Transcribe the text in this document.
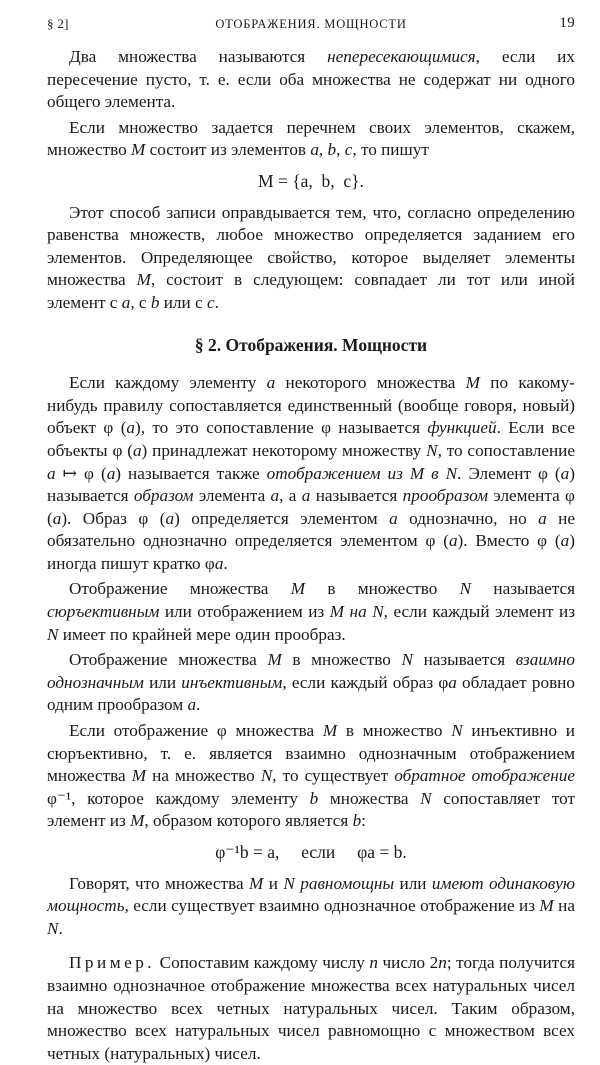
§ 2]	ОТОБРАЖЕНИЯ. МОЩНОСТИ	19

Два множества называются непересекающимися, если их пересечение пусто, т. е. если оба множества не содержат ни одного общего элемента.

Если множество задается перечнем своих элементов, скажем, множество M состоит из элементов a, b, c, то пишут

M = {a,  b,  c}.

Этот способ записи оправдывается тем, что, согласно определению равенства множеств, любое множество определяется заданием его элементов. Определяющее свойство, которое выделяет элементы множества M, состоит в следующем: совпадает ли тот или иной элемент с a, с b или с c.

§ 2. Отображения. Мощности

Если каждому элементу a некоторого множества M по какому-нибудь правилу сопоставляется единственный (вообще говоря, новый) объект φ (a), то это сопоставление φ называется функцией. Если все объекты φ (a) принадлежат некоторому множеству N, то сопоставление a ↦ φ (a) называется также отображением из M в N. Элемент φ (a) называется образом элемента a, а a называется прообразом элемента φ (a). Образ φ (a) определяется элементом a однозначно, но a не обязательно однозначно определяется элементом φ (a). Вместо φ (a) иногда пишут кратко φa.

Отображение множества M в множество N называется сюръективным или отображением из M на N, если каждый элемент из N имеет по крайней мере один прообраз.

Отображение множества M в множество N называется взаимно однозначным или инъективным, если каждый образ φa обладает ровно одним прообразом a.

Если отображение φ множества M в множество N инъективно и сюръективно, т. е. является взаимно однозначным отображением множества M на множество N, то существует обратное отображение φ⁻¹, которое каждому элементу b множества N сопоставляет тот элемент из M, образом которого является b:

φ⁻¹b = a,     если     φa = b.

Говорят, что множества M и N равномощны или имеют одинаковую мощность, если существует взаимно однозначное отображение из M на N.

Пример. Сопоставим каждому числу n число 2n; тогда получится взаимно однозначное отображение множества всех натуральных чисел на множество всех четных натуральных чисел. Таким образом, множество всех натуральных чисел равномощно с множеством всех четных (натуральных) чисел.
